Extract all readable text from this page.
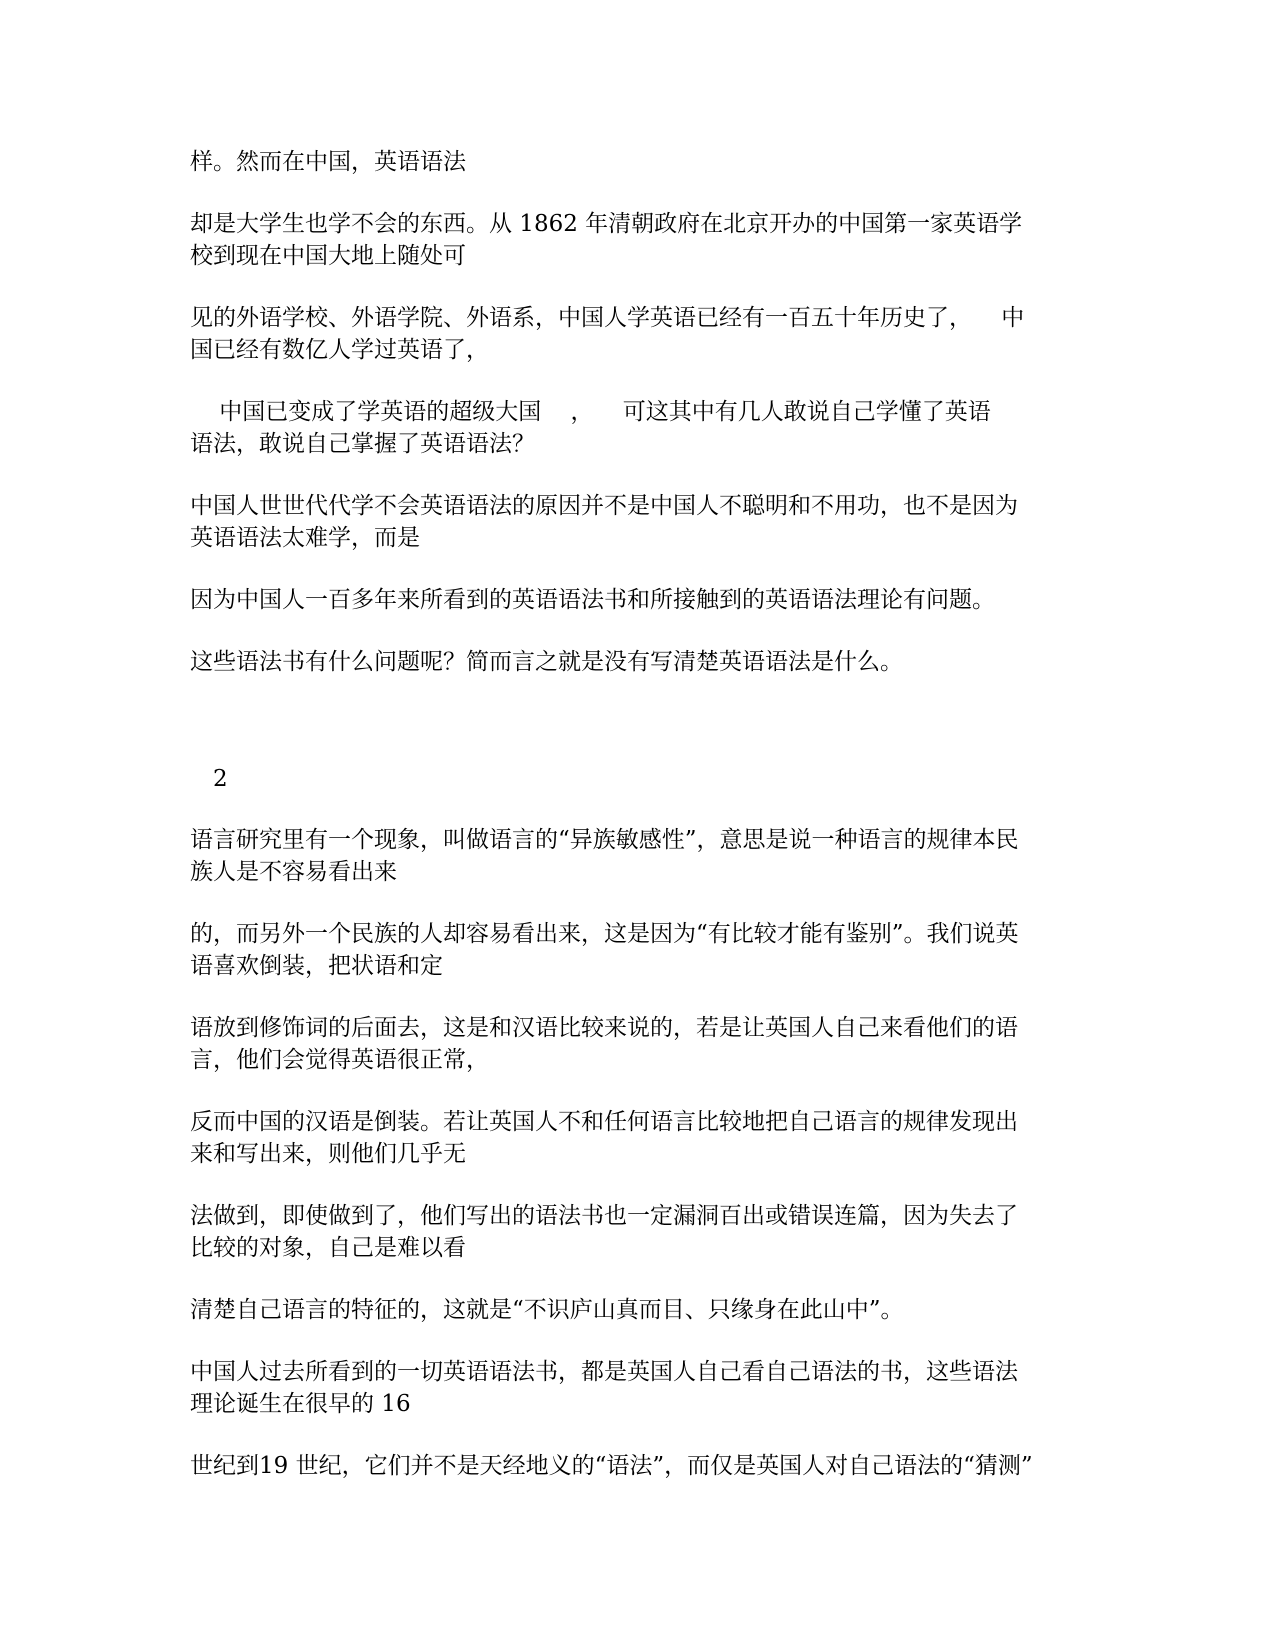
样。然而在中国，英语语法

却是大学生也学不会的东西。从 1862 年清朝政府在北京开办的中国第一家英语学
校到现在中国大地上随处可

见的外语学校、外语学院、外语系，中国人学英语已经有一百五十年历史了，    中
国已经有数亿人学过英语了，

中国已变成了学英语的超级大国    ，    可这其中有几人敢说自己学懂了英语
语法，敢说自己掌握了英语语法？

中国人世世代代学不会英语语法的原因并不是中国人不聪明和不用功，也不是因为
英语语法太难学，而是

因为中国人一百多年来所看到的英语语法书和所接触到的英语语法理论有问题。

这些语法书有什么问题呢？简而言之就是没有写清楚英语语法是什么。

2

语言研究里有一个现象，叫做语言的“异族敏感性”，意思是说一种语言的规律本民
族人是不容易看出来

的，而另外一个民族的人却容易看出来，这是因为“有比较才能有鉴别”。我们说英
语喜欢倒装，把状语和定

语放到修饰词的后面去，这是和汉语比较来说的，若是让英国人自己来看他们的语
言，他们会觉得英语很正常，

反而中国的汉语是倒装。若让英国人不和任何语言比较地把自己语言的规律发现出
来和写出来，则他们几乎无

法做到，即使做到了，他们写出的语法书也一定漏洞百出或错误连篇，因为失去了
比较的对象，自己是难以看

清楚自己语言的特征的，这就是“不识庐山真而目、只缘身在此山中”。

中国人过去所看到的一切英语语法书，都是英国人自己看自己语法的书，这些语法
理论诞生在很早的 16

世纪到19 世纪，它们并不是天经地义的“语法”，而仅是英国人对自己语法的“猜测”
